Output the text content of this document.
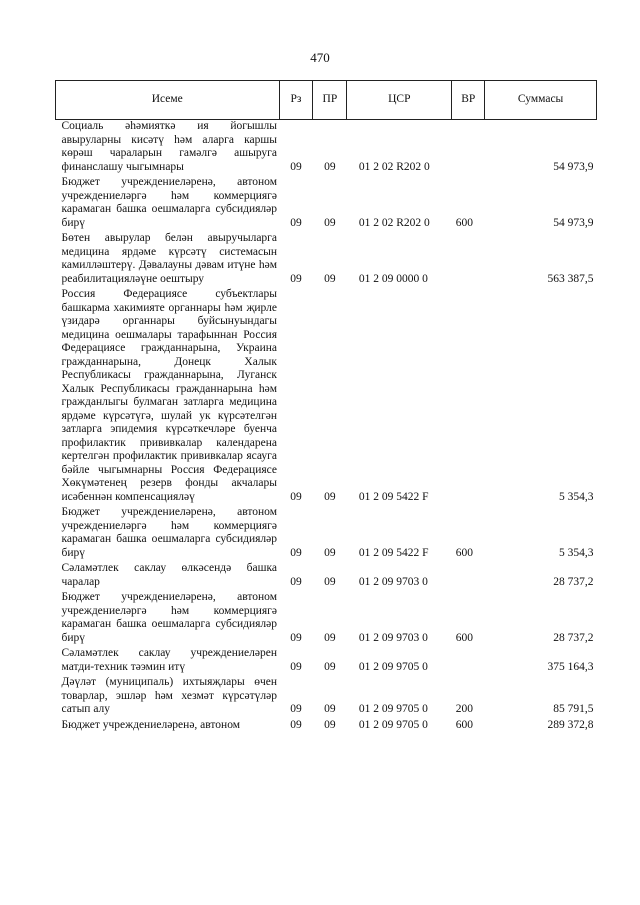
470
Исеме	Рз	ПР	ЦСР	ВР	Суммасы
Социаль әһәмияткә ия йогышлы авыруларны кисәтү һәм аларга каршы көрәш чараларын гамәлгә ашыруга финанслашу чыгымнары	09	09	01 2 02 R202 0		54 973,9
Бюджет учреждениеләренә, автоном учреждениеләргә һәм коммерциягә карамаган башка оешмаларга субсидияләр бирү	09	09	01 2 02 R202 0	600	54 973,9
Бөтен авырулар белән авыручыларга медицина ярдәме күрсәтү системасын камилләштерү. Дәвалауны дәвам итүне һәм реабилитацияләүне оештыру	09	09	01 2 09 0000 0		563 387,5
Россия Федерациясе субъектлары башкарма хакимияте органнары һәм җирле үзидарә органнары буйсынуындагы медицина оешмалары тарафыннан Россия Федерациясе гражданнарына, Украина гражданнарына, Донецк Халык Республикасы гражданнарына, Луганск Халык Республикасы гражданнарына һәм гражданлыгы булмаган затларга медицина ярдәме күрсәтүгә, шулай ук күрсәтелгән затларга эпидемия күрсәткечләре буенча профилактик прививкалар календарена кертелгән профилактик прививкалар ясауга бәйле чыгымнарны Россия Федерациясе Хөкүмәтенең резерв фонды акчалары исәбеннән компенсацияләү	09	09	01 2 09 5422 F		5 354,3
Бюджет учреждениеләренә, автоном учреждениеләргә һәм коммерциягә карамаган башка оешмаларга субсидияләр бирү	09	09	01 2 09 5422 F	600	5 354,3
Сәламәтлек саклау өлкәсендә башка чаралар	09	09	01 2 09 9703 0		28 737,2
Бюджет учреждениеләренә, автоном учреждениеләргә һәм коммерциягә карамаган башка оешмаларга субсидияләр бирү	09	09	01 2 09 9703 0	600	28 737,2
Сәламәтлек саклау учреждениеләрен матди-техник тәэмин итү	09	09	01 2 09 9705 0		375 164,3
Дәүләт (муниципаль) ихтыяҗлары өчен товарлар, эшләр һәм хезмәт күрсәтүләр сатып алу	09	09	01 2 09 9705 0	200	85 791,5
Бюджет учреждениеләренә, автоном	09	09	01 2 09 9705 0	600	289 372,8
